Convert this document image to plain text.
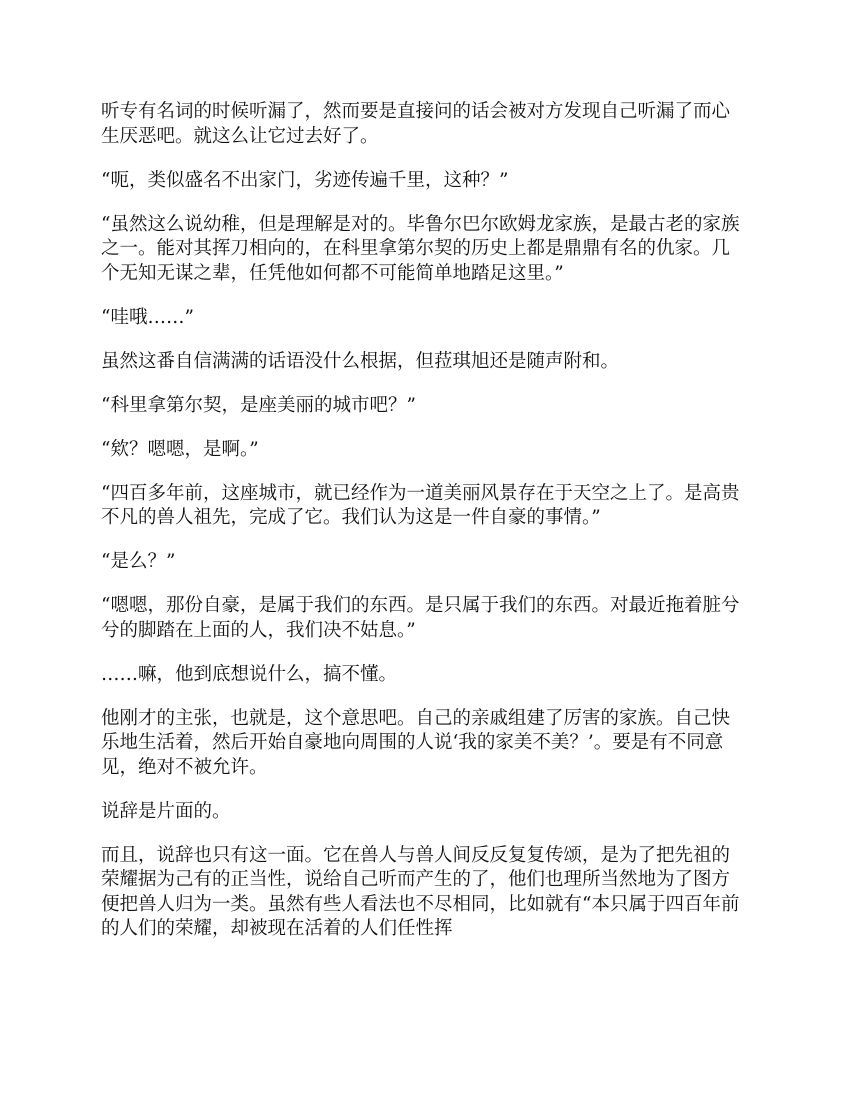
听专有名词的时候听漏了，然而要是直接问的话会被对方发现自己听漏了而心生厌恶吧。就这么让它过去好了。

“呃，类似盛名不出家门，劣迹传遍千里，这种？”

“虽然这么说幼稚，但是理解是对的。毕鲁尔巴尔欧姆龙家族，是最古老的家族之一。能对其挥刀相向的，在科里拿第尔契的历史上都是鼎鼎有名的仇家。几个无知无谋之辈，任凭他如何都不可能简单地踏足这里。”

“哇哦……”

虽然这番自信满满的话语没什么根据，但菈琪旭还是随声附和。

“科里拿第尔契，是座美丽的城市吧？”

“欸？嗯嗯，是啊。”

“四百多年前，这座城市，就已经作为一道美丽风景存在于天空之上了。是高贵不凡的兽人祖先，完成了它。我们认为这是一件自豪的事情。”

“是么？”

“嗯嗯，那份自豪，是属于我们的东西。是只属于我们的东西。对最近拖着脏兮兮的脚踏在上面的人，我们决不姑息。”

……嘛，他到底想说什么，搞不懂。

他刚才的主张，也就是，这个意思吧。自己的亲戚组建了厉害的家族。自己快乐地生活着，然后开始自豪地向周围的人说‘我的家美不美？’。要是有不同意见，绝对不被允许。

说辞是片面的。

而且，说辞也只有这一面。它在兽人与兽人间反反复复传颂，是为了把先祖的荣耀据为己有的正当性，说给自己听而产生的了，他们也理所当然地为了图方便把兽人归为一类。虽然有些人看法也不尽相同，比如就有“本只属于四百年前的人们的荣耀，却被现在活着的人们任性挥
